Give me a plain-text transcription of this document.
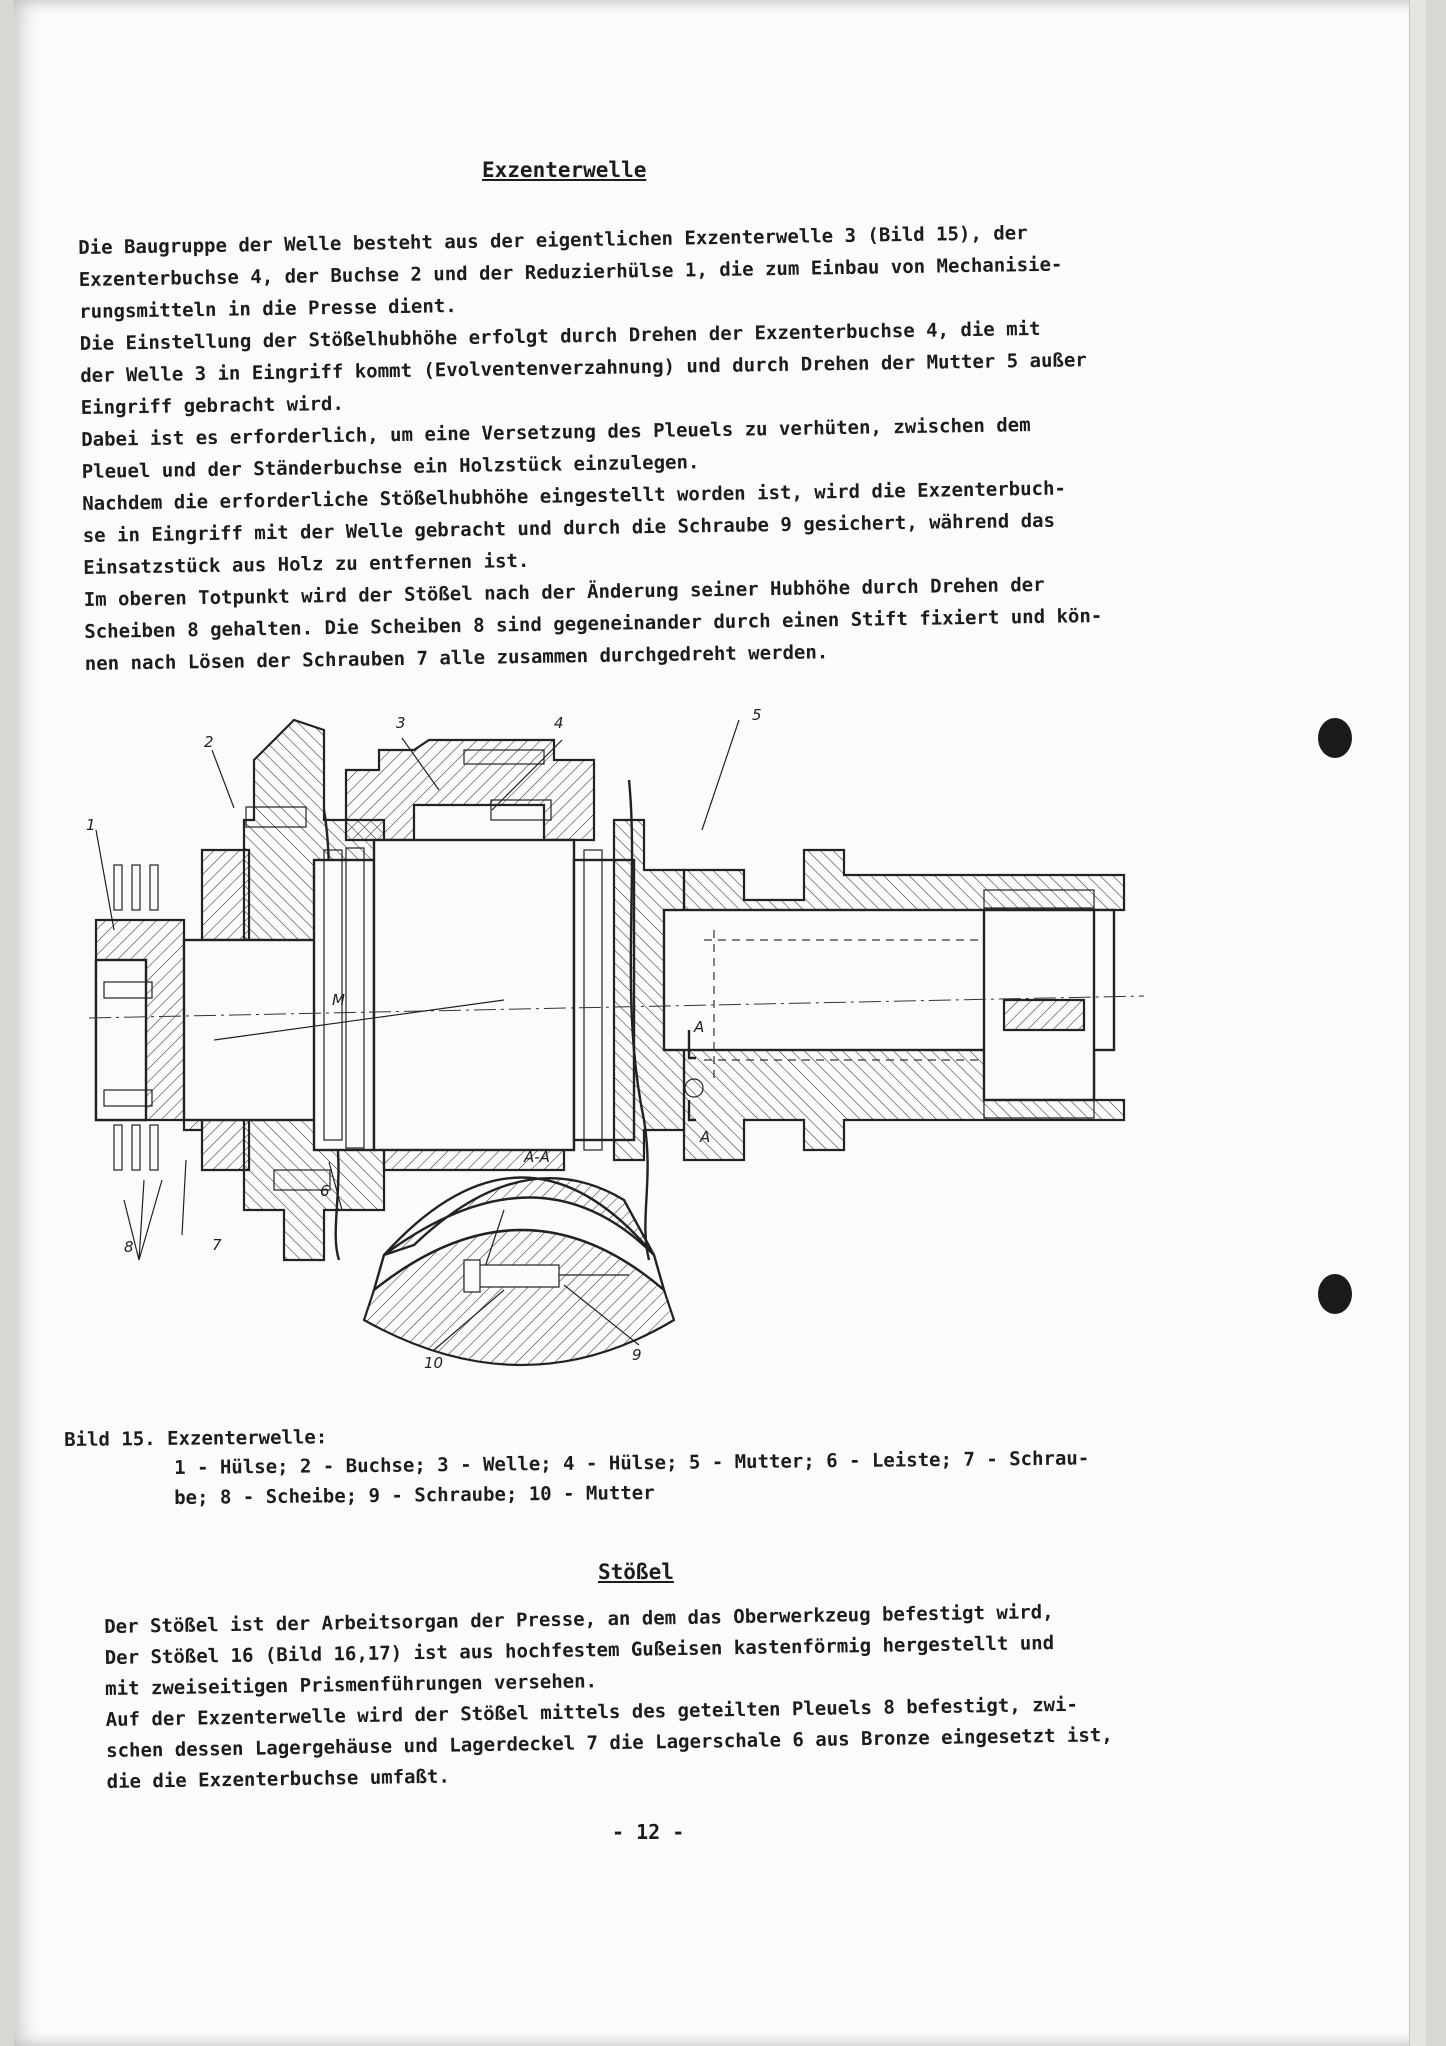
Exzenterwelle
Die Baugruppe der Welle besteht aus der eigentlichen Exzenterwelle 3 (Bild 15), der
Exzenterbuchse 4, der Buchse 2 und der Reduzierhülse 1, die zum Einbau von Mechanisie-
rungsmitteln in die Presse dient.
Die Einstellung der Stößelhubhöhe erfolgt durch Drehen der Exzenterbuchse 4, die mit
der Welle 3 in Eingriff kommt (Evolventenverzahnung) und durch Drehen der Mutter 5 außer
Eingriff gebracht wird.
Dabei ist es erforderlich, um eine Versetzung des Pleuels zu verhüten, zwischen dem
Pleuel und der Ständerbuchse ein Holzstück einzulegen.
Nachdem die erforderliche Stößelhubhöhe eingestellt worden ist, wird die Exzenterbuch-
se in Eingriff mit der Welle gebracht und durch die Schraube 9 gesichert, während das
Einsatzstück aus Holz zu entfernen ist.
Im oberen Totpunkt wird der Stößel nach der Änderung seiner Hubhöhe durch Drehen der
Scheiben 8 gehalten. Die Scheiben 8 sind gegeneinander durch einen Stift fixiert und kön-
nen nach Lösen der Schrauben 7 alle zusammen durchgedreht werden.
1
2
3	4	5
6
7
8
9
10
M
A
A
A-A
Bild 15. Exzenterwelle:
1 - Hülse; 2 - Buchse; 3 - Welle; 4 - Hülse; 5 - Mutter; 6 - Leiste; 7 - Schrau-
be; 8 - Scheibe; 9 - Schraube; 10 - Mutter
Stößel
Der Stößel ist der Arbeitsorgan der Presse, an dem das Oberwerkzeug befestigt wird,
Der Stößel 16 (Bild 16,17) ist aus hochfestem Gußeisen kastenförmig hergestellt und
mit zweiseitigen Prismenführungen versehen.
Auf der Exzenterwelle wird der Stößel mittels des geteilten Pleuels 8 befestigt, zwi-
schen dessen Lagergehäuse und Lagerdeckel 7 die Lagerschale 6 aus Bronze eingesetzt ist,
die die Exzenterbuchse umfaßt.
- 12 -
